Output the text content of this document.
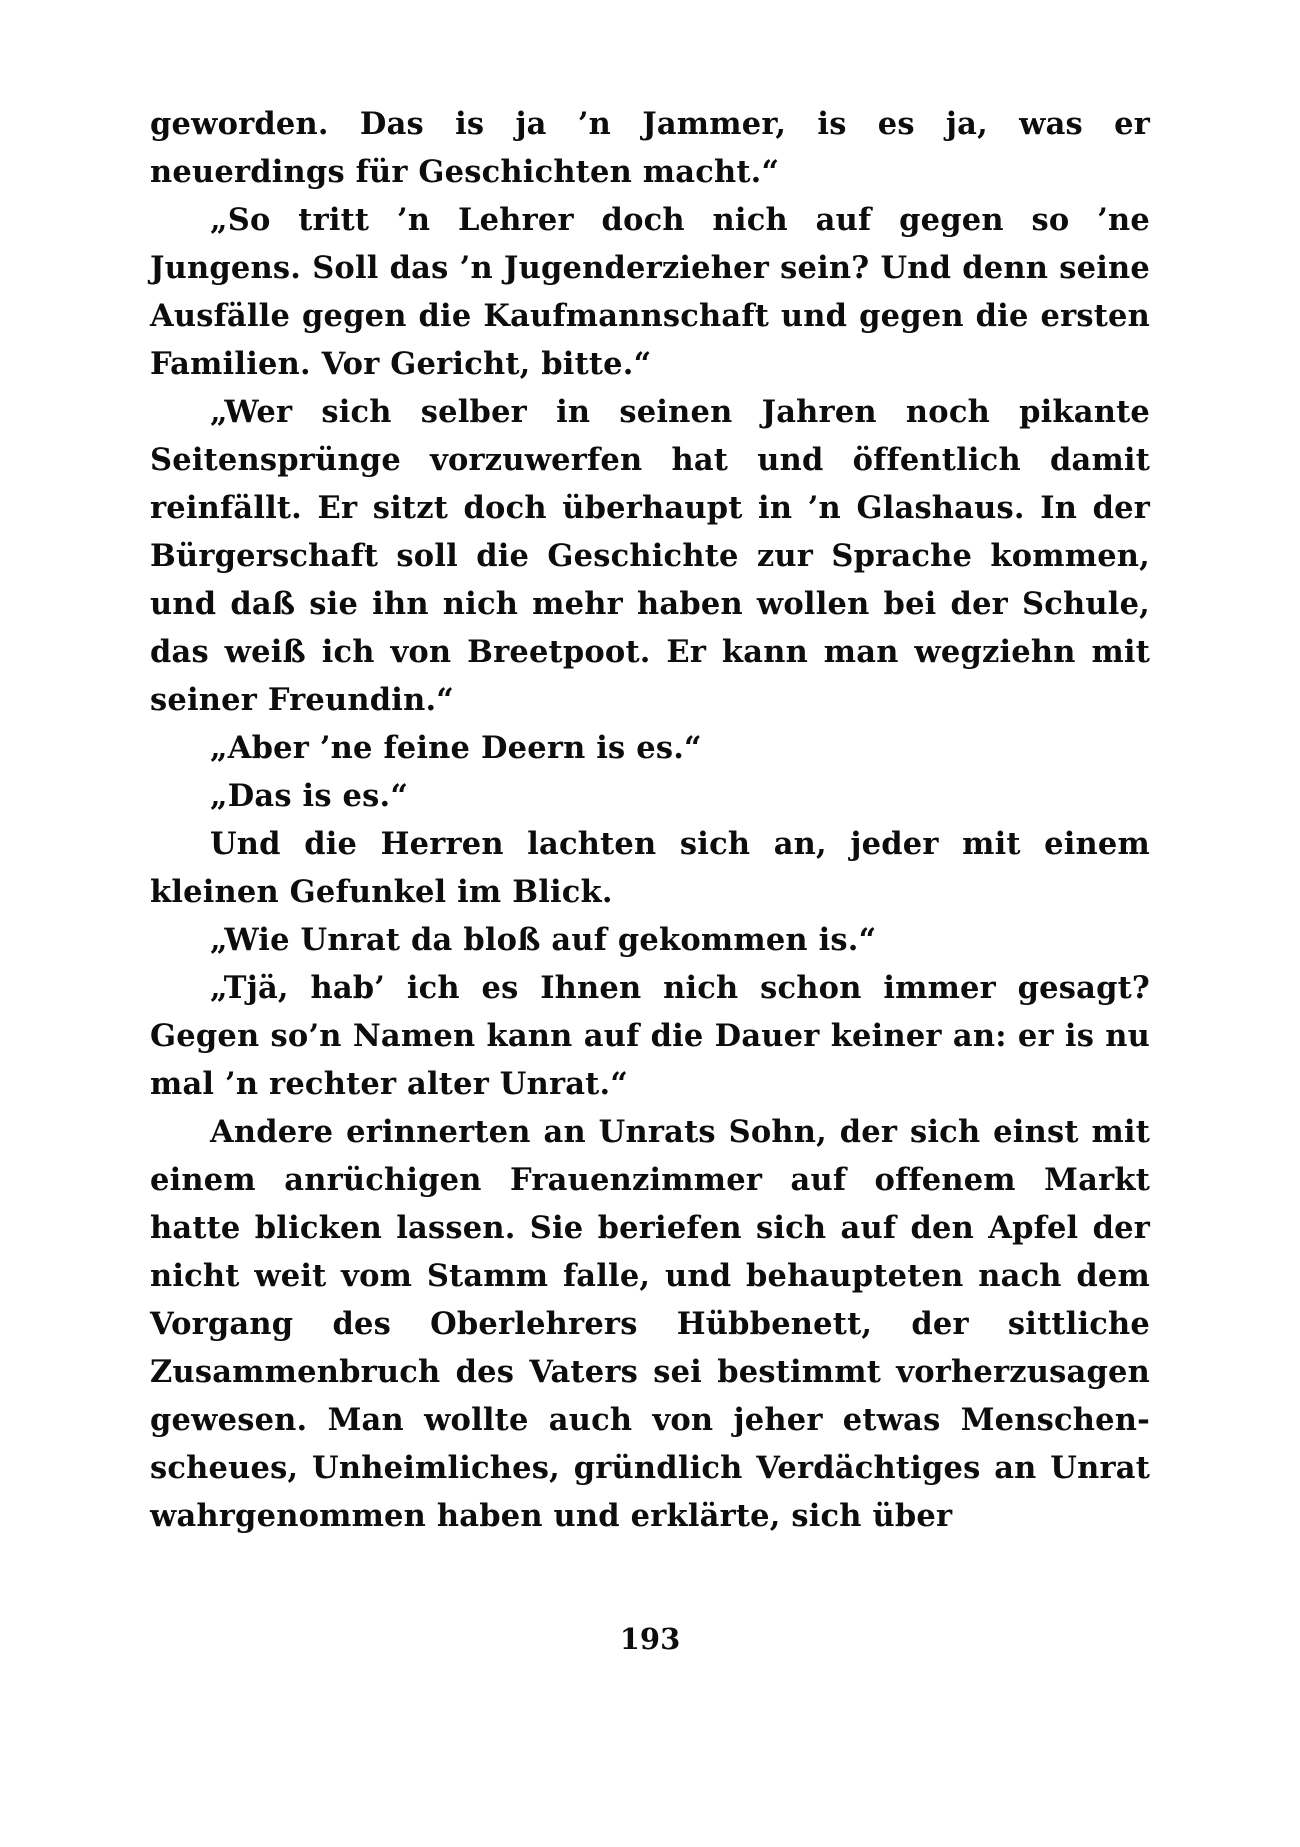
geworden. Das is ja ’n Jammer, is es ja, was er neuerdings für Geschichten macht.“

„So tritt ’n Lehrer doch nich auf gegen so ’ne Jungens. Soll das ’n Jugenderzieher sein? Und denn seine Ausfälle gegen die Kaufmannschaft und gegen die ersten Familien. Vor Gericht, bitte.“

„Wer sich selber in seinen Jahren noch pikante Seitensprünge vorzuwerfen hat und öffentlich damit reinfällt. Er sitzt doch überhaupt in ’n Glashaus. In der Bürgerschaft soll die Geschichte zur Sprache kommen, und daß sie ihn nich mehr haben wollen bei der Schule, das weiß ich von Breetpoot. Er kann man wegziehn mit seiner Freundin.“

„Aber ’ne feine Deern is es.“

„Das is es.“

Und die Herren lachten sich an, jeder mit einem kleinen Gefunkel im Blick.

„Wie Unrat da bloß auf gekommen is.“

„Tjä, hab’ ich es Ihnen nich schon immer gesagt? Gegen so’n Namen kann auf die Dauer keiner an: er is nu mal ’n rechter alter Unrat.“

Andere erinnerten an Unrats Sohn, der sich einst mit einem anrüchigen Frauenzimmer auf offenem Markt hatte blicken lassen. Sie beriefen sich auf den Apfel der nicht weit vom Stamm falle, und behaupteten nach dem Vorgang des Oberlehrers Hübbenett, der sittliche Zusammenbruch des Vaters sei bestimmt vorherzusagen gewesen. Man wollte auch von jeher etwas Menschen‐scheues, Unheimliches, gründlich Verdächtiges an Unrat wahrgenommen haben und erklärte, sich über

193
